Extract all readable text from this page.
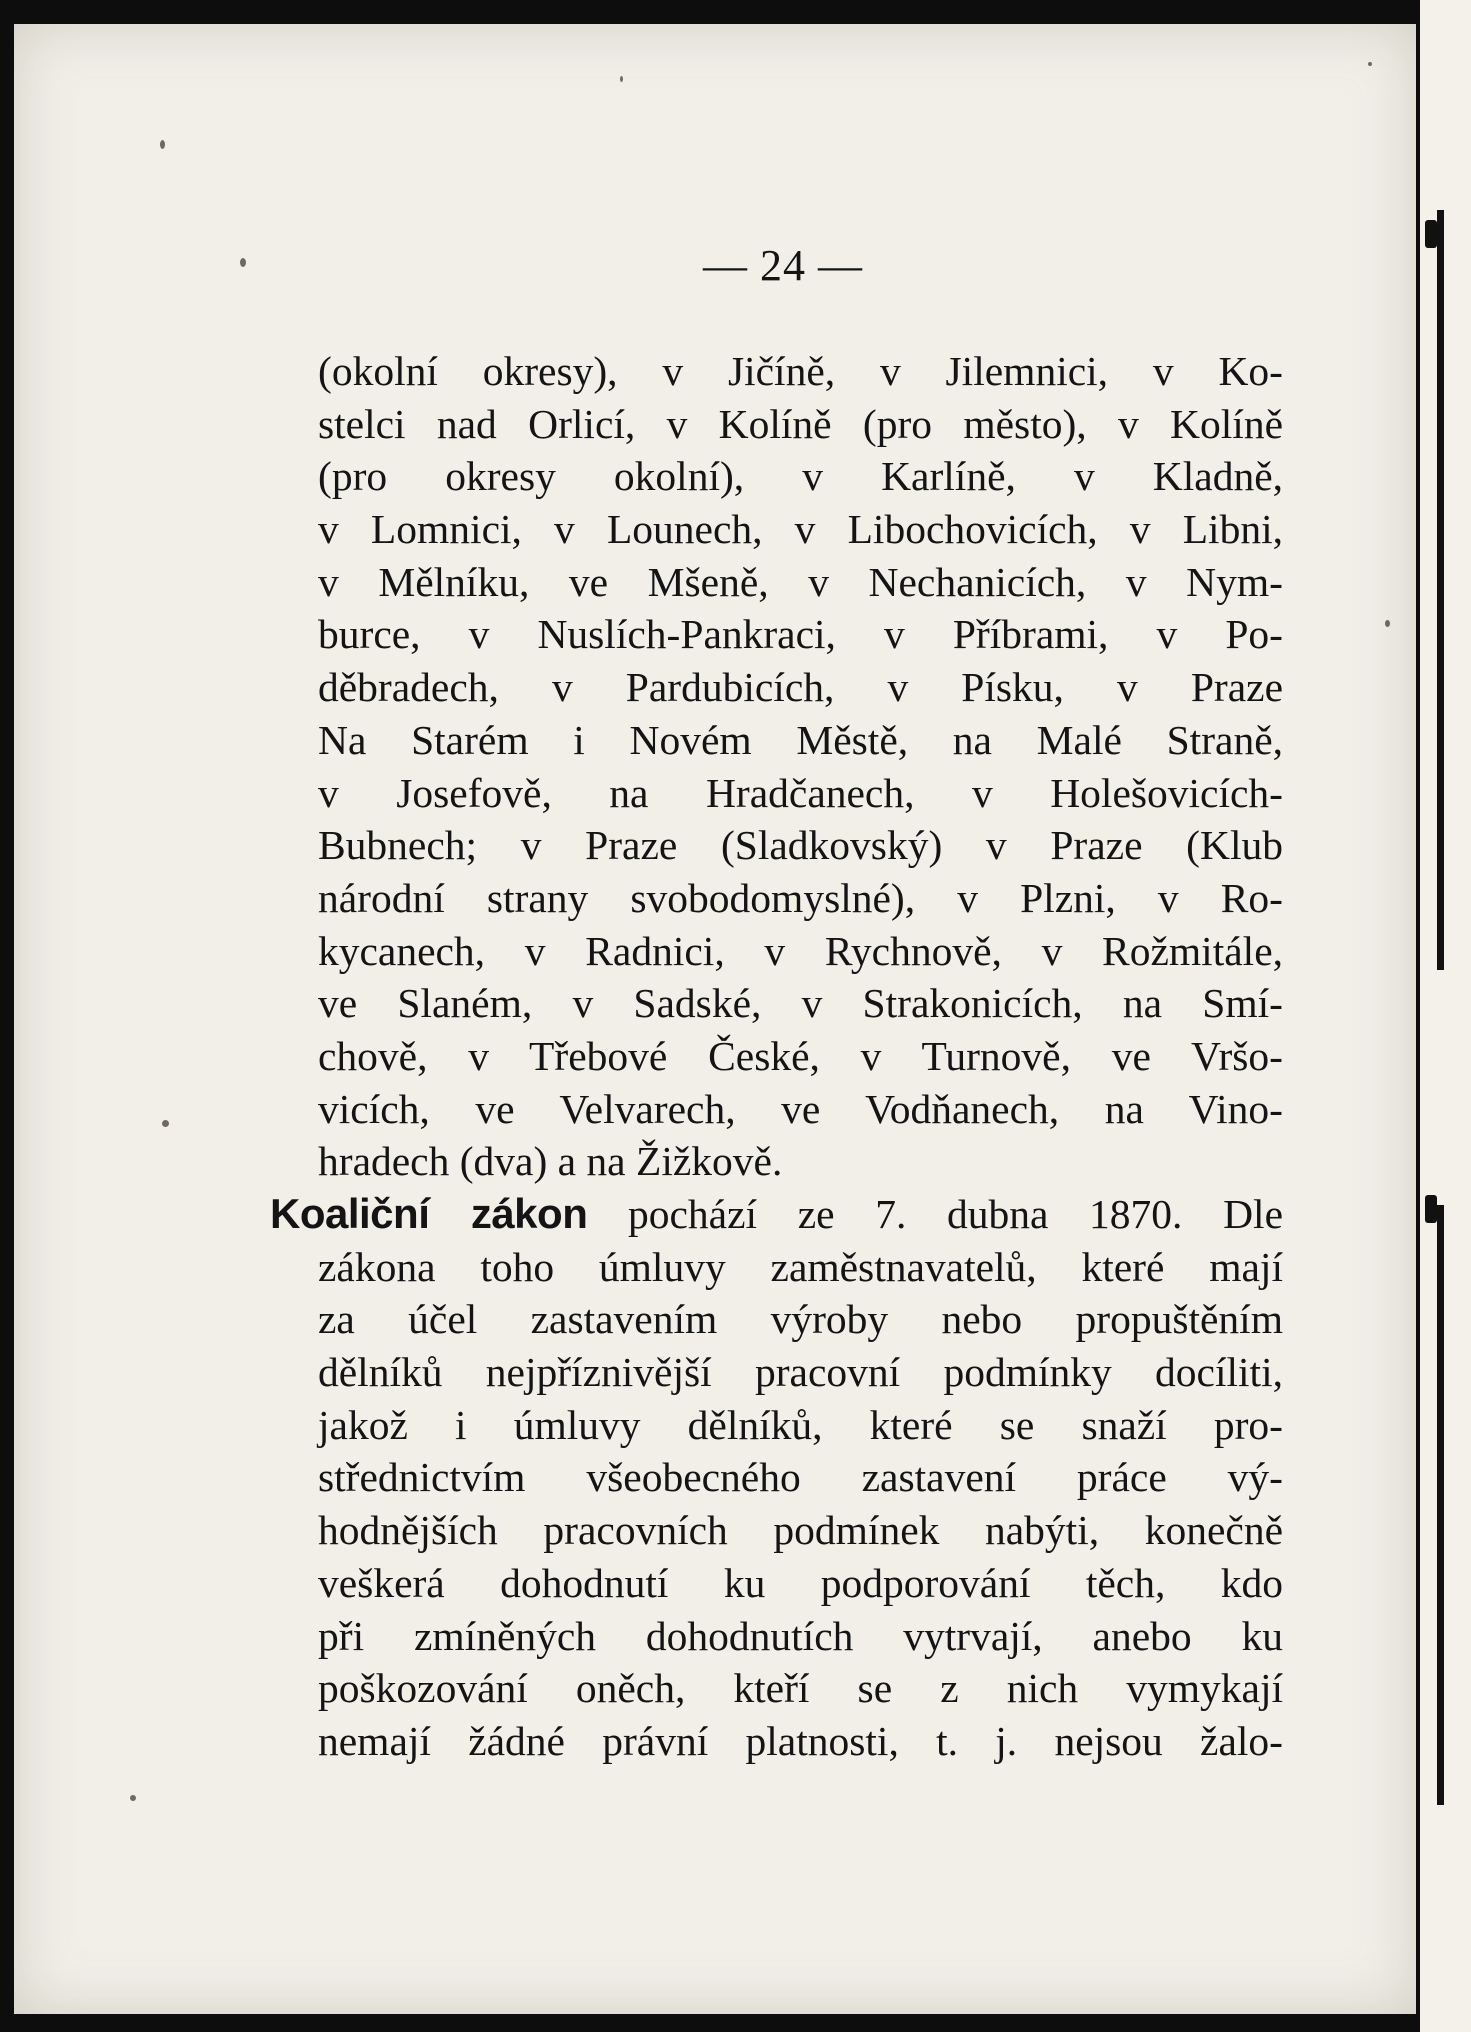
— 24 —
(okolní okresy), v Jičíně, v Jilemnici, v Ko-
stelci nad Orlicí, v Kolíně (pro město), v Kolíně
(pro okresy okolní), v Karlíně, v Kladně,
v Lomnici, v Lounech, v Libochovicích, v Libni,
v Mělníku, ve Mšeně, v Nechanicích, v Nym-
burce, v Nuslích-Pankraci, v Příbrami, v Po-
děbradech, v Pardubicích, v Písku, v Praze
Na Starém i Novém Městě, na Malé Straně,
v Josefově, na Hradčanech, v Holešovicích-
Bubnech; v Praze (Sladkovský) v Praze (Klub
národní strany svobodomyslné), v Plzni, v Ro-
kycanech, v Radnici, v Rychnově, v Rožmitále,
ve Slaném, v Sadské, v Strakonicích, na Smí-
chově, v Třebové České, v Turnově, ve Vršo-
vicích, ve Velvarech, ve Vodňanech, na Vino-
hradech (dva) a na Žižkově.
Koaliční zákon pochází ze 7. dubna 1870. Dle
zákona toho úmluvy zaměstnavatelů, které mají
za účel zastavením výroby nebo propuštěním
dělníků nejpříznivější pracovní podmínky docíliti,
jakož i úmluvy dělníků, které se snaží pro-
střednictvím všeobecného zastavení práce vý-
hodnějších pracovních podmínek nabýti, konečně
veškerá dohodnutí ku podporování těch, kdo
při zmíněných dohodnutích vytrvají, anebo ku
poškozování oněch, kteří se z nich vymykají
nemají žádné právní platnosti, t. j. nejsou žalo-
